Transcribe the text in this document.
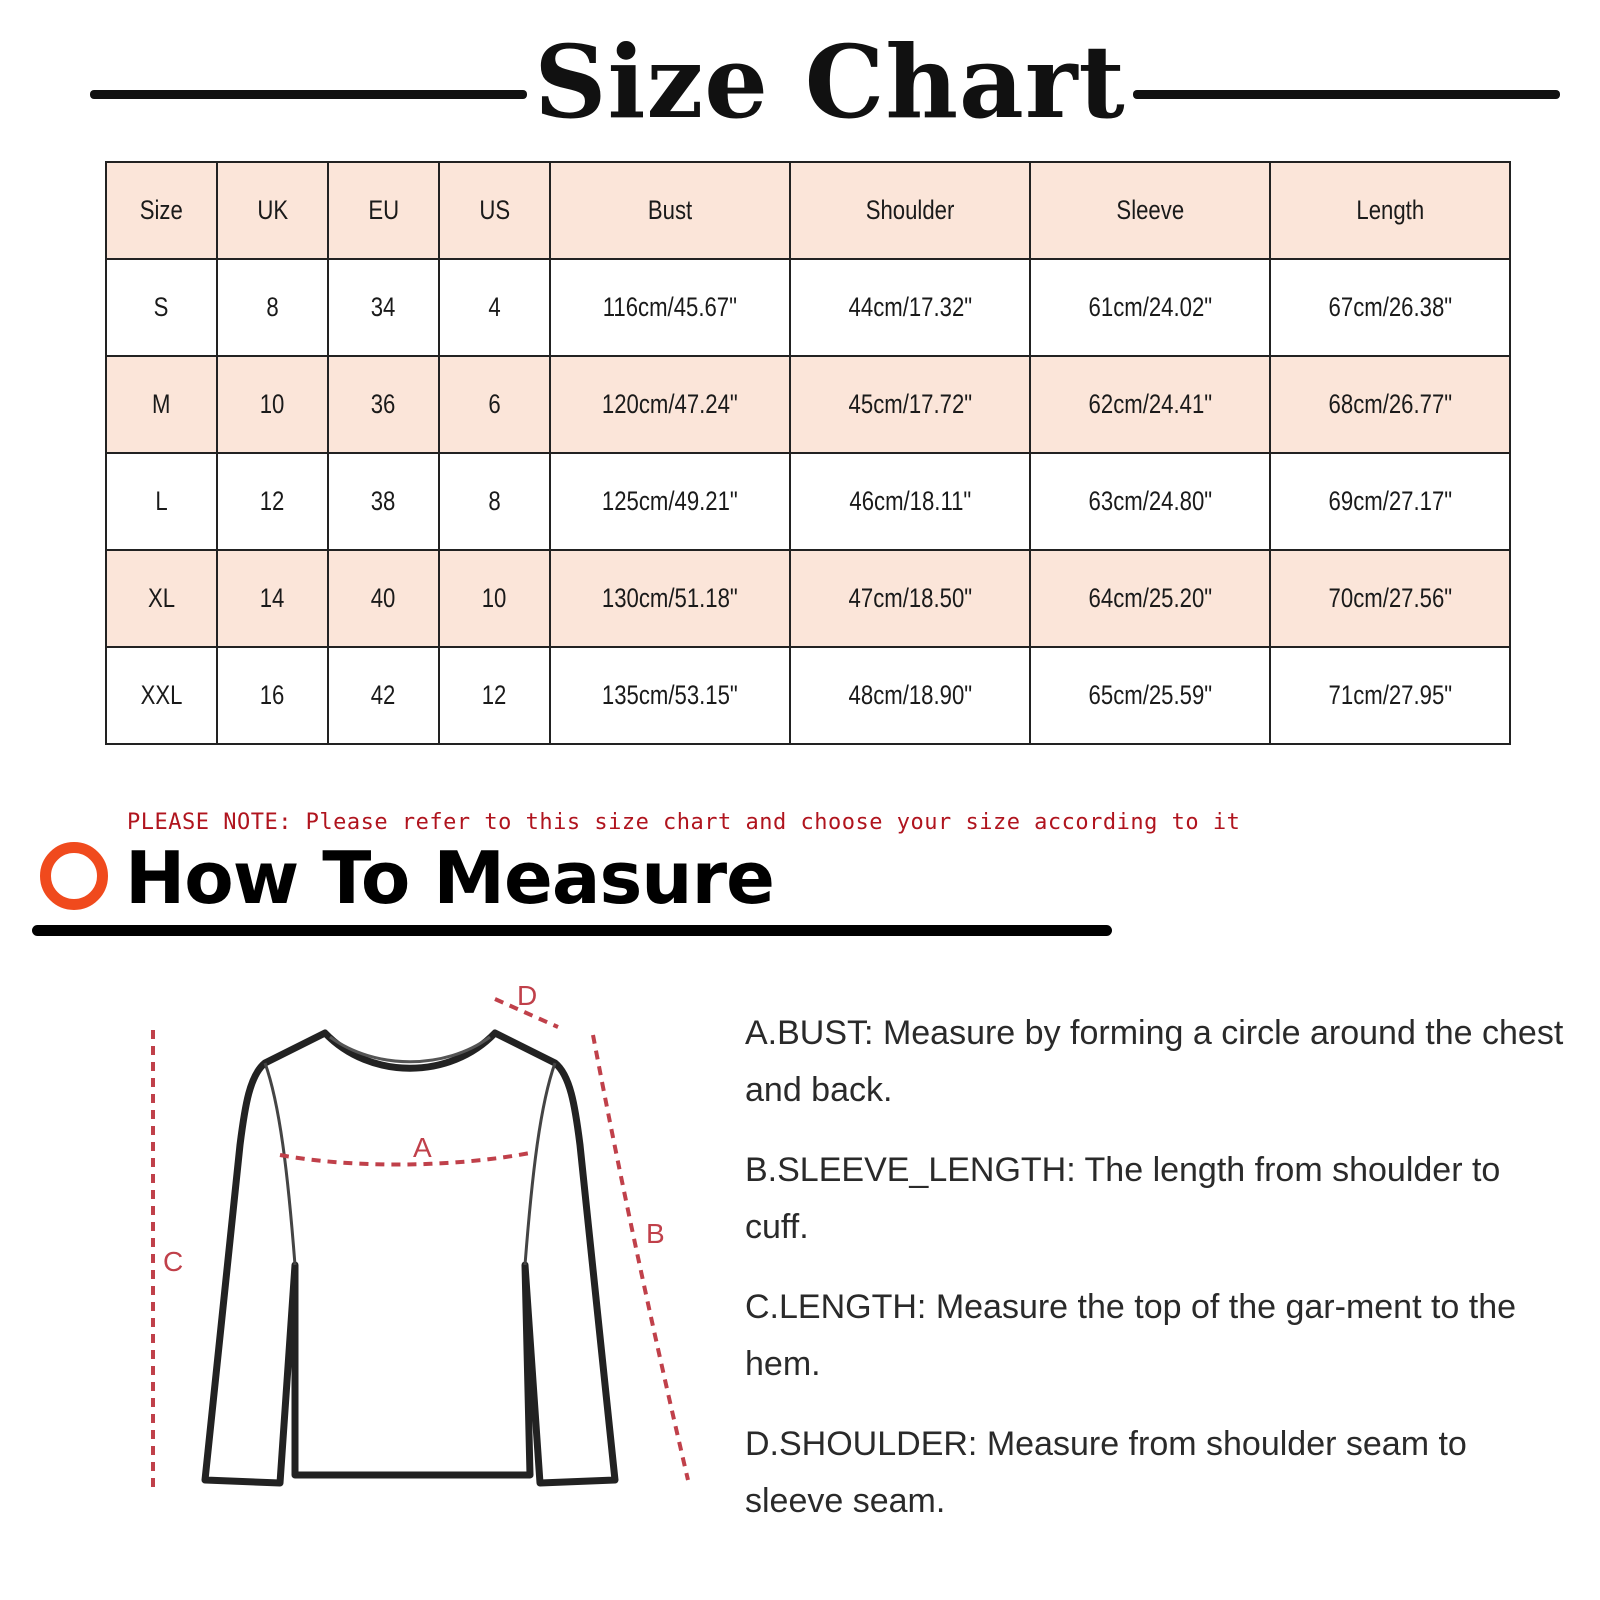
Size Chart
Size	UK	EU	US	Bust	Shoulder	Sleeve	Length
S	8	34	4	116cm/45.67"	44cm/17.32"	61cm/24.02"	67cm/26.38"
M	10	36	6	120cm/47.24"	45cm/17.72"	62cm/24.41"	68cm/26.77"
L	12	38	8	125cm/49.21"	46cm/18.11"	63cm/24.80"	69cm/27.17"
XL	14	40	10	130cm/51.18"	47cm/18.50"	64cm/25.20"	70cm/27.56"
XXL	16	42	12	135cm/53.15"	48cm/18.90"	65cm/25.59"	71cm/27.95"
PLEASE NOTE: Please refer to this size chart and choose your size according to it
How To Measure
A
B
C
D
A.BUST: Measure by forming a circle around the chest and back.
B.SLEEVE_LENGTH: The length from shoulder to cuff.
C.LENGTH: Measure the top of the gar-ment to the hem.
D.SHOULDER: Measure from shoulder seam to sleeve seam.
